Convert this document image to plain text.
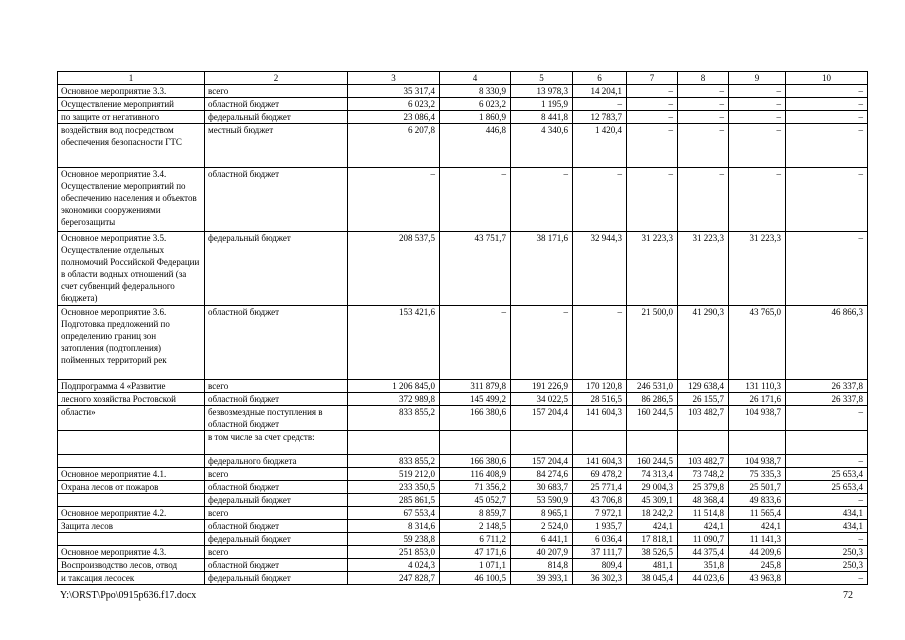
1	2	3	4	5	6	7	8	9	10
Основное мероприятие 3.3.	всего	35 317,4	8 330,9	13 978,3	14 204,1	–	–	–	–
Осуществление мероприятий	областной бюджет	6 023,2	6 023,2	1 195,9	–	–	–	–	–
по защите от негативного	федеральный бюджет	23 086,4	1 860,9	8 441,8	12 783,7	–	–	–	–
воздействия вод посредством обеспечения безопасности ГТС	местный бюджет	6 207,8	446,8	4 340,6	1 420,4	–	–	–	–
Основное мероприятие 3.4. Осуществление мероприятий по обеспечению населения и объектов экономики сооружениями берегозащиты	областной бюджет	–	–	–	–	–	–	–	–
Основное мероприятие 3.5. Осуществление отдельных полномочий Российской Федерации в области водных отношений (за счет субвенций федерального бюджета)	федеральный бюджет	208 537,5	43 751,7	38 171,6	32 944,3	31 223,3	31 223,3	31 223,3	–
Основное мероприятие 3.6. Подготовка предложений по определению границ зон затопления (подтопления) пойменных территорий рек	областной бюджет	153 421,6	–	–	–	21 500,0	41 290,3	43 765,0	46 866,3
Подпрограмма 4 «Развитие	всего	1 206 845,0	311 879,8	191 226,9	170 120,8	246 531,0	129 638,4	131 110,3	26 337,8
лесного хозяйства Ростовской	областной бюджет	372 989,8	145 499,2	34 022,5	28 516,5	86 286,5	26 155,7	26 171,6	26 337,8
области»	безвозмездные поступления в областной бюджет	833 855,2	166 380,6	157 204,4	141 604,3	160 244,5	103 482,7	104 938,7	–
	в том числе за счет средств:								
	федерального бюджета	833 855,2	166 380,6	157 204,4	141 604,3	160 244,5	103 482,7	104 938,7	–
Основное мероприятие 4.1.	всего	519 212,0	116 408,9	84 274,6	69 478,2	74 313,4	73 748,2	75 335,3	25 653,4
Охрана лесов от пожаров	областной бюджет	233 350,5	71 356,2	30 683,7	25 771,4	29 004,3	25 379,8	25 501,7	25 653,4
	федеральный бюджет	285 861,5	45 052,7	53 590,9	43 706,8	45 309,1	48 368,4	49 833,6	–
Основное мероприятие 4.2.	всего	67 553,4	8 859,7	8 965,1	7 972,1	18 242,2	11 514,8	11 565,4	434,1
Защита лесов	областной бюджет	8 314,6	2 148,5	2 524,0	1 935,7	424,1	424,1	424,1	434,1
	федеральный бюджет	59 238,8	6 711,2	6 441,1	6 036,4	17 818,1	11 090,7	11 141,3	–
Основное мероприятие 4.3.	всего	251 853,0	47 171,6	40 207,9	37 111,7	38 526,5	44 375,4	44 209,6	250,3
Воспроизводство лесов, отвод	областной бюджет	4 024,3	1 071,1	814,8	809,4	481,1	351,8	245,8	250,3
и таксация лесосек	федеральный бюджет	247 828,7	46 100,5	39 393,1	36 302,3	38 045,4	44 023,6	43 963,8	–
Y:\ORST\Ppo\0915p636.f17.docx	72
